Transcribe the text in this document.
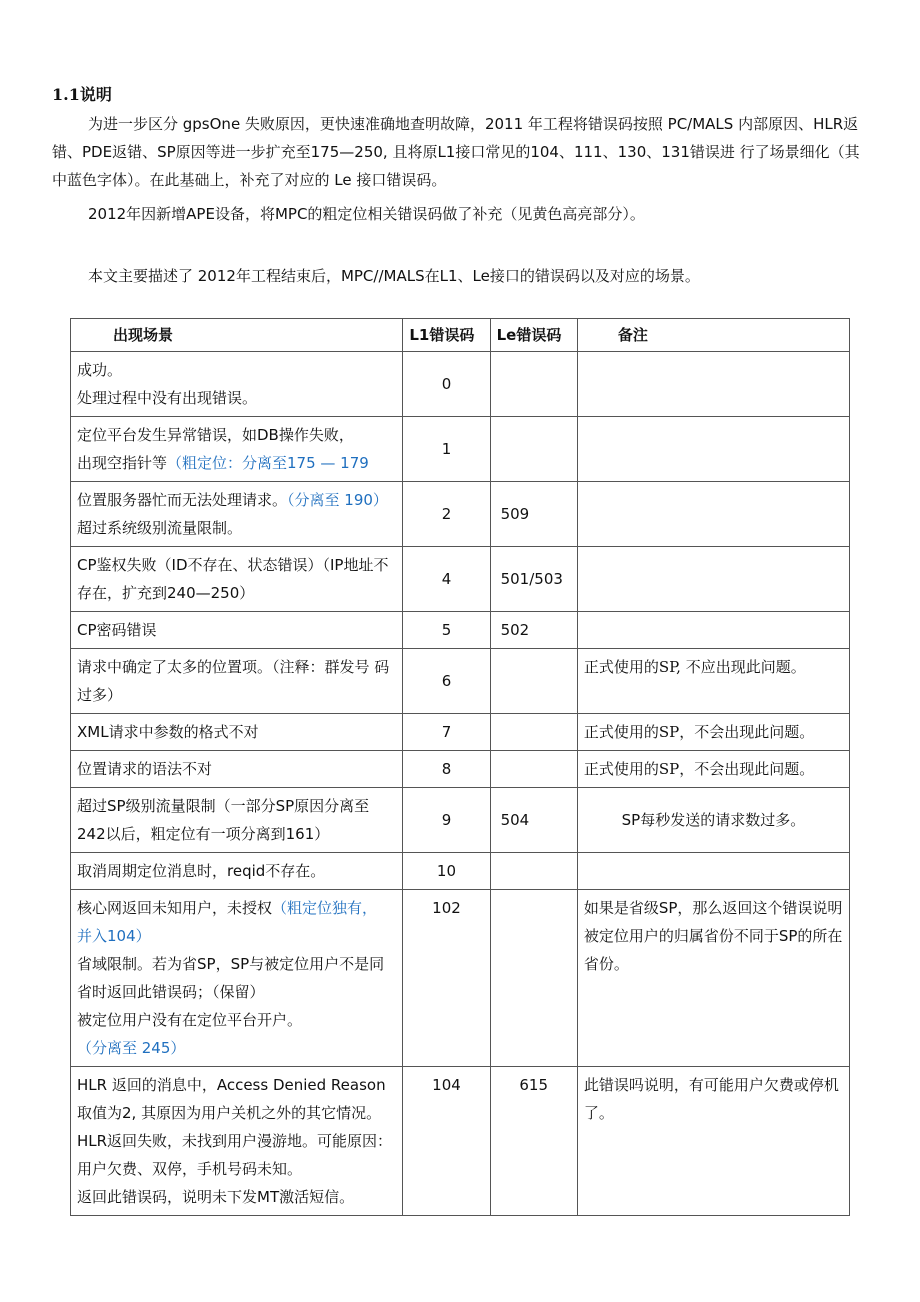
1.1说明
为进一步区分 gpsOne 失败原因，更快速准确地查明故障，2011 年工程将错误码按照 PC/MALS 内部原因、HLR返错、PDE返错、SP原因等进一步扩充至175—250, 且将原L1接口常见的104、111、130、131错误进 行了场景细化（其中蓝色字体）。在此基础上，补充了对应的 Le 接口错误码。
2012年因新增APE设备，将MPC的粗定位相关错误码做了补充（见黄色高亮部分）。
本文主要描述了 2012年工程结束后，MPC//MALS在L1、Le接口的错误码以及对应的场景。
出现场景	L1错误码	Le错误码	备注

成功。
处理过程中没有出现错误。	0		

定位平台发生异常错误，如DB操作失败，
出现空指针等（粗定位：分离至175 — 179	1		
位置服务器忙而无法处理请求。（分离至 190） 超过系统级别流量限制。	2	509	
CP鉴权失败（ID不存在、状态错误）（IP地址不存在，扩充到240—250）	4	501/503	
CP密码错误	5	502	
请求中确定了太多的位置项。（注释：群发号 码过多）	6		正式使用的SP, 不应出现此问题。
XML请求中参数的格式不对	7		正式使用的SP，不会出现此问题。
位置请求的语法不对	8		正式使用的SP，不会出现此问题。
超过SP级别流量限制（一部分SP原因分离至242以后，粗定位有一项分离到161）	9	504	SP每秒发送的请求数过多。
取消周期定位消息时，reqid不存在。	10		
核心网返回未知用户，未授权（粗定位独有，
并入104）
省域限制。若为省SP，SP与被定位用户不是同省时返回此错误码；（保留）
被定位用户没有在定位平台开户。（分离至 245）	102		如果是省级SP，那么返回这个错误说明被定位用户的归属省份不同于SP的所在省份。

HLR 返回的消息中，Access Denied Reason 取值为2, 其原因为用户关机之外的其它情况。
HLR返回失败，未找到用户漫游地。可能原因：用户欠费、双停，手机号码未知。
返回此错误码，说明未下发MT激活短信。	104	615	此错误吗说明，有可能用户欠费或停机了。
